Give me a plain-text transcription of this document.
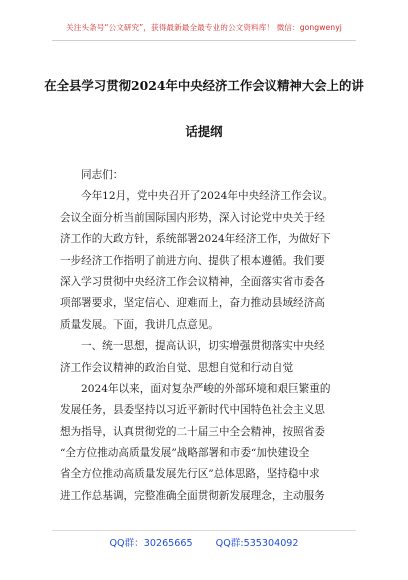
关注头条号“公文研究”，获得最新最全最专业的公文资料库！ 微信：gongwenyj
在全县学习贯彻2024年中央经济工作会议精神大会上的讲
话提纲
同志们：
今年12月，党中央召开了2024年中央经济工作会议。
会议全面分析当前国际国内形势，深入讨论党中央关于经
济工作的大政方针，系统部署2024年经济工作，为做好下
一步经济工作指明了前进方向、提供了根本遵循。我们要
深入学习贯彻中央经济工作会议精神，全面落实省市委各
项部署要求，坚定信心、迎难而上，奋力推动县域经济高
质量发展。下面，我讲几点意见。
一、统一思想，提高认识，切实增强贯彻落实中央经
济工作会议精神的政治自觉、思想自觉和行动自觉
2024年以来，面对复杂严峻的外部环境和艰巨繁重的
发展任务，县委坚持以习近平新时代中国特色社会主义思
想为指导，认真贯彻党的二十届三中全会精神，按照省委
“全方位推动高质量发展”战略部署和市委“加快建设全
省全方位推动高质量发展先行区”总体思路，坚持稳中求
进工作总基调，完整准确全面贯彻新发展理念，主动服务
QQ群：30265665 QQ群:535304092
